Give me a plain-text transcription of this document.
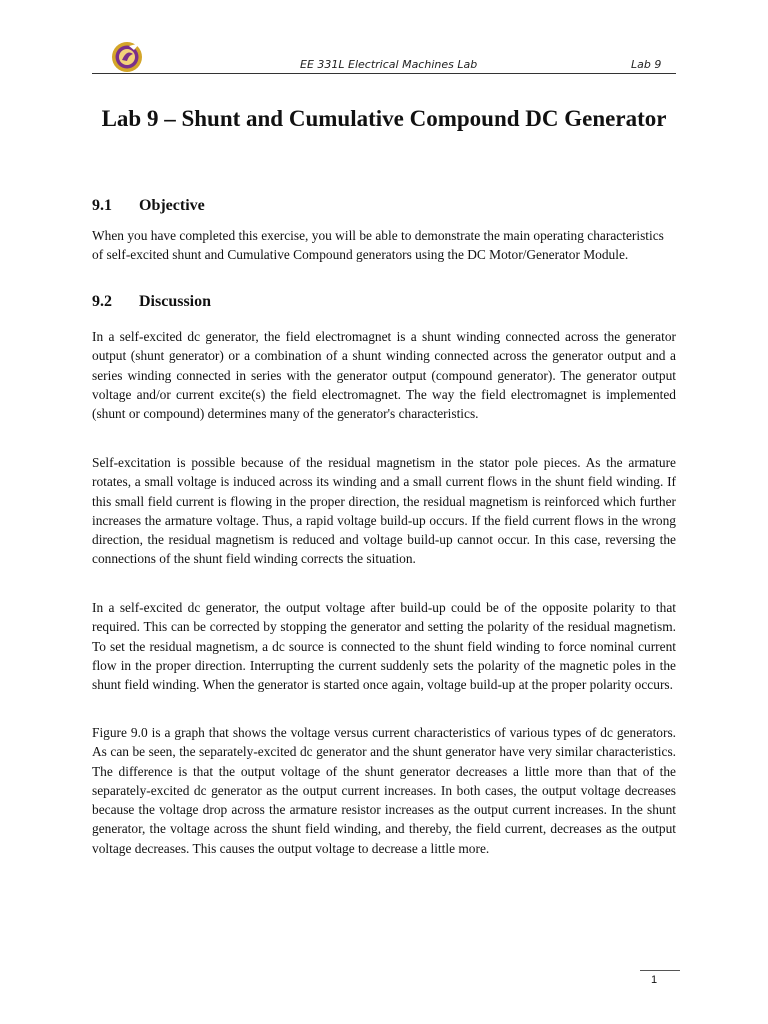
EE 331L Electrical Machines Lab	Lab 9
Lab 9 – Shunt and Cumulative Compound DC Generator
9.1 Objective

When you have completed this exercise, you will be able to demonstrate the main operating characteristics of self-excited shunt and Cumulative Compound generators using the DC Motor/Generator Module.

9.2 Discussion

In a self-excited dc generator, the field electromagnet is a shunt winding connected across the generator output (shunt generator) or a combination of a shunt winding connected across the generator output and a series winding connected in series with the generator output (compound generator). The generator output voltage and/or current excite(s) the field electromagnet. The way the field electromagnet is implemented (shunt or compound) determines many of the generator's characteristics.

Self-excitation is possible because of the residual magnetism in the stator pole pieces. As the armature rotates, a small voltage is induced across its winding and a small current flows in the shunt field winding. If this small field current is flowing in the proper direction, the residual magnetism is reinforced which further increases the armature voltage. Thus, a rapid voltage build-up occurs. If the field current flows in the wrong direction, the residual magnetism is reduced and voltage build-up cannot occur. In this case, reversing the connections of the shunt field winding corrects the situation.

In a self-excited dc generator, the output voltage after build-up could be of the opposite polarity to that required. This can be corrected by stopping the generator and setting the polarity of the residual magnetism. To set the residual magnetism, a dc source is connected to the shunt field winding to force nominal current flow in the proper direction. Interrupting the current suddenly sets the polarity of the magnetic poles in the shunt field winding. When the generator is started once again, voltage build-up at the proper polarity occurs.

Figure 9.0 is a graph that shows the voltage versus current characteristics of various types of dc generators. As can be seen, the separately-excited dc generator and the shunt generator have very similar characteristics. The difference is that the output voltage of the shunt generator decreases a little more than that of the separately-excited dc generator as the output current increases. In both cases, the output voltage decreases because the voltage drop across the armature resistor increases as the output current increases. In the shunt generator, the voltage across the shunt field winding, and thereby, the field current, decreases as the output voltage decreases. This causes the output voltage to decrease a little more.

1
